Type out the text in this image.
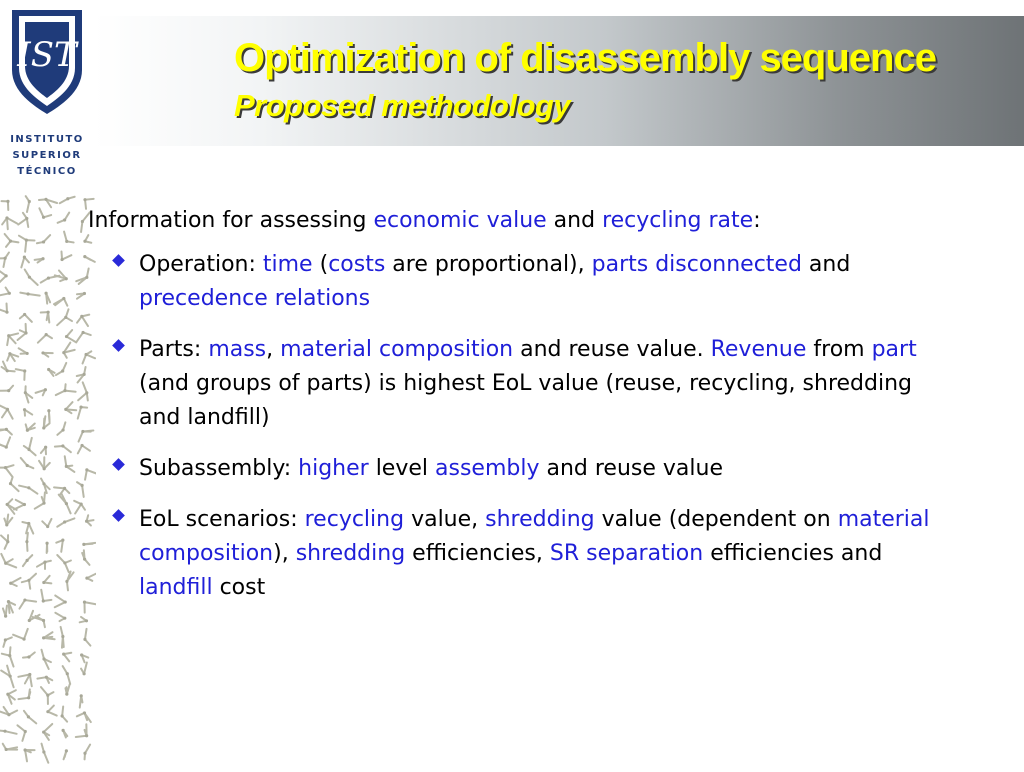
IST
INSTITUTO
SUPERIOR
TÉCNICO
Optimization of disassembly sequence
Proposed methodology

Information for assessing economic value and recycling rate:

Operation: time (costs are proportional), parts disconnected and precedence relations
Parts: mass, material composition and reuse value. Revenue from part (and groups of parts) is highest EoL value (reuse, recycling, shredding and landfill)
Subassembly: higher level assembly and reuse value
EoL scenarios: recycling value, shredding value (dependent on material composition), shredding efficiencies, SR separation efficiencies and landfill cost
